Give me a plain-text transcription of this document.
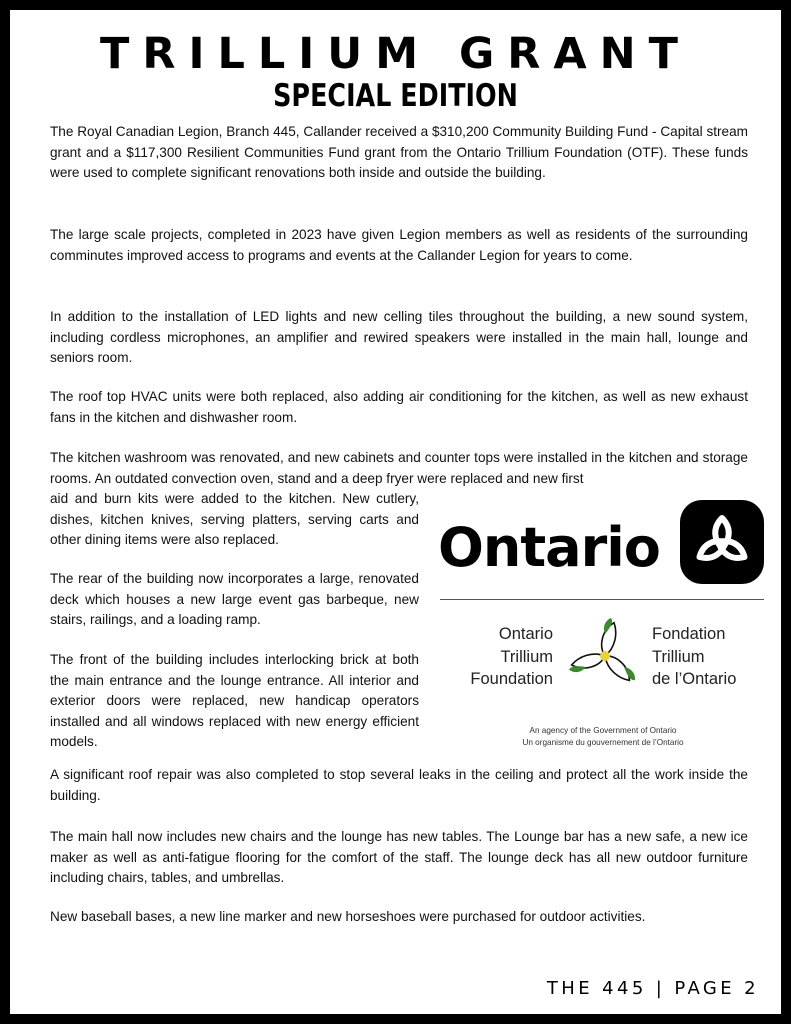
TRILLIUM GRANT
SPECIAL EDITION

The Royal Canadian Legion, Branch 445, Callander received a $310,200 Community Building Fund - Capital stream grant and a $117,300 Resilient Communities Fund grant from the Ontario Trillium Foundation (OTF). These funds were used to complete significant renovations both inside and outside the building.

The large scale projects, completed in 2023 have given Legion members as well as residents of the surrounding comminutes improved access to programs and events at the Callander Legion for years to come.

In addition to the installation of LED lights and new celling tiles throughout the building, a new sound system, including cordless microphones, an amplifier and rewired speakers were installed in the main hall, lounge and seniors room.

The roof top HVAC units were both replaced, also adding air conditioning for the kitchen, as well as new exhaust fans in the kitchen and dishwasher room.

The kitchen washroom was renovated, and new cabinets and counter tops were installed in the kitchen and storage rooms. An outdated convection oven, stand and a deep fryer were replaced and new first

aid and burn kits were added to the kitchen. New cutlery, dishes, kitchen knives, serving platters, serving carts and other dining items were also replaced.

The rear of the building now incorporates a large, renovated deck which houses a new large event gas barbeque, new stairs, railings, and a loading ramp.

The front of the building includes interlocking brick at both the main entrance and the lounge entrance. All interior and exterior doors were replaced, new handicap operators installed and all windows replaced with new energy efficient models.

A significant roof repair was also completed to stop several leaks in the ceiling and protect all the work inside the building.

The main hall now includes new chairs and the lounge has new tables. The Lounge bar has a new safe, a new ice maker as well as anti-fatigue flooring for the comfort of the staff. The lounge deck has all new outdoor furniture including chairs, tables, and umbrellas.

New baseball bases, a new line marker and new horseshoes were purchased for outdoor activities.

Ontario
Ontario
Trillium
Foundation
Fondation
Trillium
de l’Ontario
An agency of the Government of Ontario
Un organisme du gouvernement de l’Ontario
THE 445 | PAGE 2
